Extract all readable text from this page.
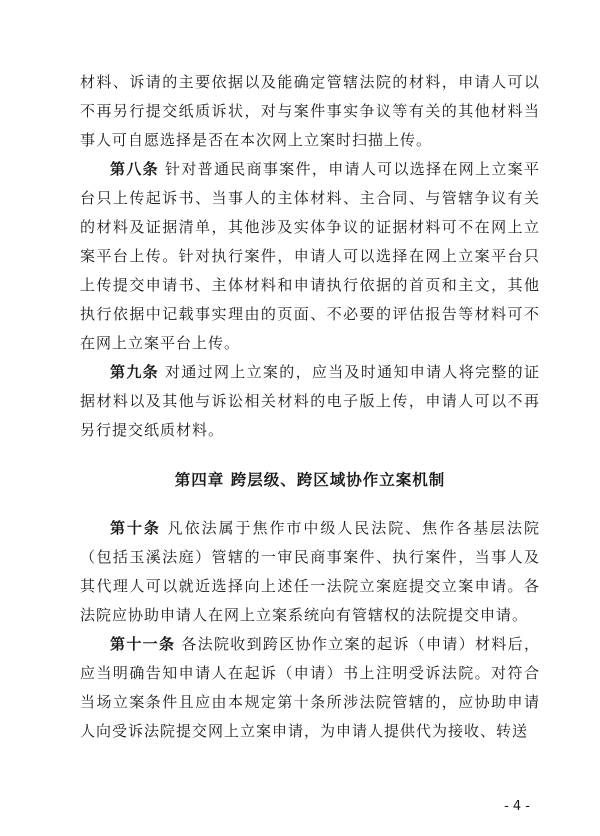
材料、诉请的主要依据以及能确定管辖法院的材料，申请人可以不再另行提交纸质诉状，对与案件事实争议等有关的其他材料当事人可自愿选择是否在本次网上立案时扫描上传。

第八条 针对普通民商事案件，申请人可以选择在网上立案平台只上传起诉书、当事人的主体材料、主合同、与管辖争议有关的材料及证据清单，其他涉及实体争议的证据材料可不在网上立案平台上传。针对执行案件，申请人可以选择在网上立案平台只上传提交申请书、主体材料和申请执行依据的首页和主文，其他执行依据中记载事实理由的页面、不必要的评估报告等材料可不在网上立案平台上传。

第九条 对通过网上立案的，应当及时通知申请人将完整的证据材料以及其他与诉讼相关材料的电子版上传，申请人可以不再另行提交纸质材料。

第四章 跨层级、跨区域协作立案机制

第十条 凡依法属于焦作市中级人民法院、焦作各基层法院（包括玉溪法庭）管辖的一审民商事案件、执行案件，当事人及其代理人可以就近选择向上述任一法院立案庭提交立案申请。各法院应协助申请人在网上立案系统向有管辖权的法院提交申请。

第十一条 各法院收到跨区协作立案的起诉（申请）材料后，应当明确告知申请人在起诉（申请）书上注明受诉法院。对符合当场立案条件且应由本规定第十条所涉法院管辖的，应协助申请人向受诉法院提交网上立案申请，为申请人提供代为接收、转送

- 4 -
